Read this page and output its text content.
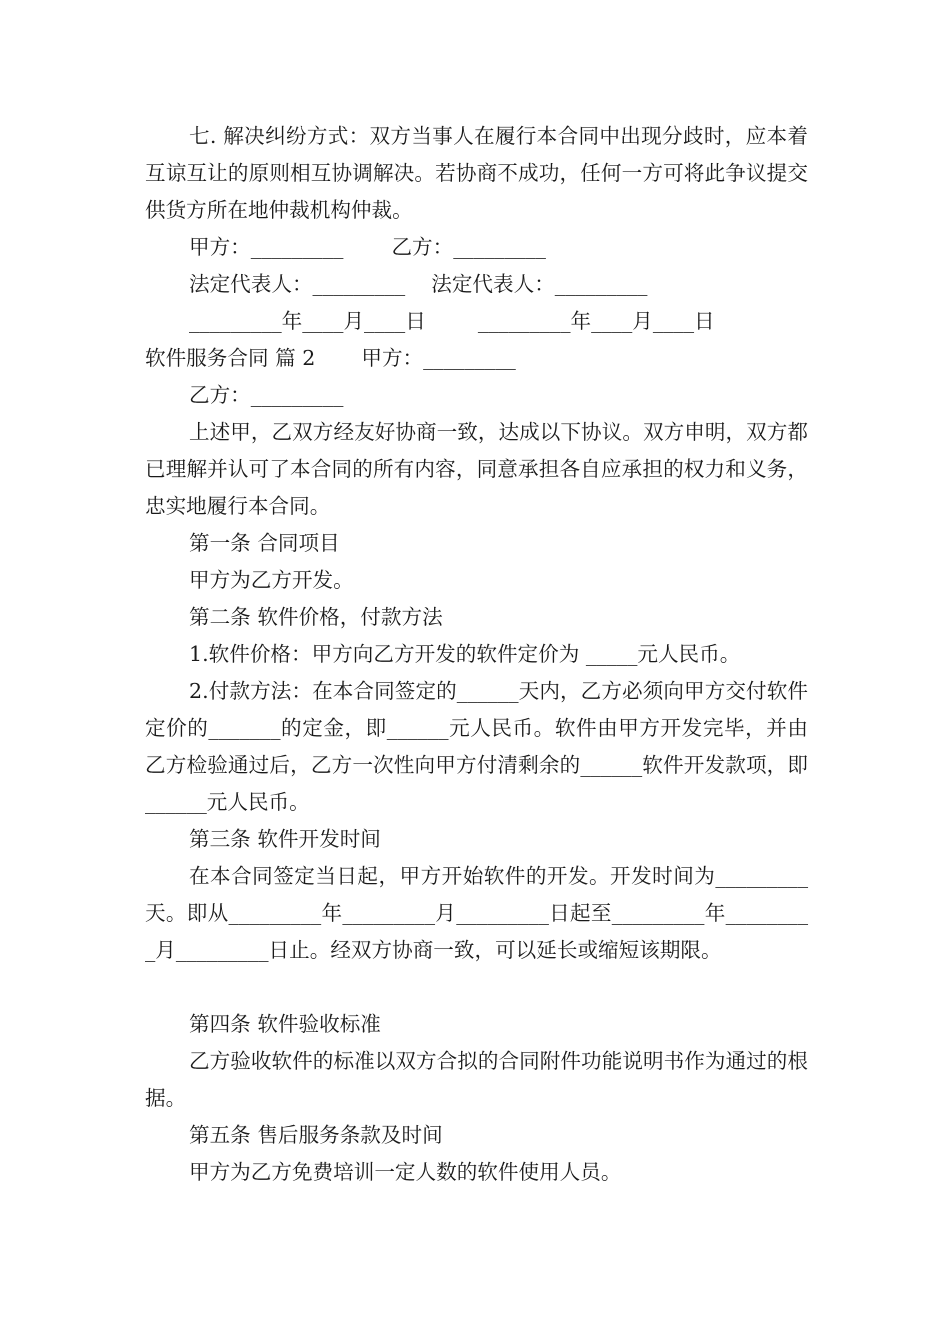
七. 解决纠纷方式：双方当事人在履行本合同中出现分歧时，应本着互谅互让的原则相互协调解决。若协商不成功，任何一方可将此争议提交供货方所在地仲裁机构仲裁。

甲方：_________ 乙方：_________
法定代表人：_________ 法定代表人：_________
_________年____月____日	_________年____月____日
软件服务合同 篇 2 甲方：_________
乙方：_________

上述甲，乙双方经友好协商一致，达成以下协议。双方申明，双方都已理解并认可了本合同的所有内容，同意承担各自应承担的权力和义务，忠实地履行本合同。

第一条 合同项目
甲方为乙方开发。
第二条 软件价格，付款方法
1.软件价格：甲方向乙方开发的软件定价为 _____元人民币。

2.付款方法：在本合同签定的______天内，乙方必须向甲方交付软件定价的_______的定金，即______元人民币。软件由甲方开发完毕，并由乙方检验通过后，乙方一次性向甲方付清剩余的______软件开发款项，即______元人民币。

第三条 软件开发时间

在本合同签定当日起，甲方开始软件的开发。开发时间为_________天。即从_________年_________月_________日起至_________年_________月_________日止。经双方协商一致，可以延长或缩短该期限。

第四条 软件验收标准

乙方验收软件的标准以双方合拟的合同附件功能说明书作为通过的根据。

第五条 售后服务条款及时间
甲方为乙方免费培训一定人数的软件使用人员。
